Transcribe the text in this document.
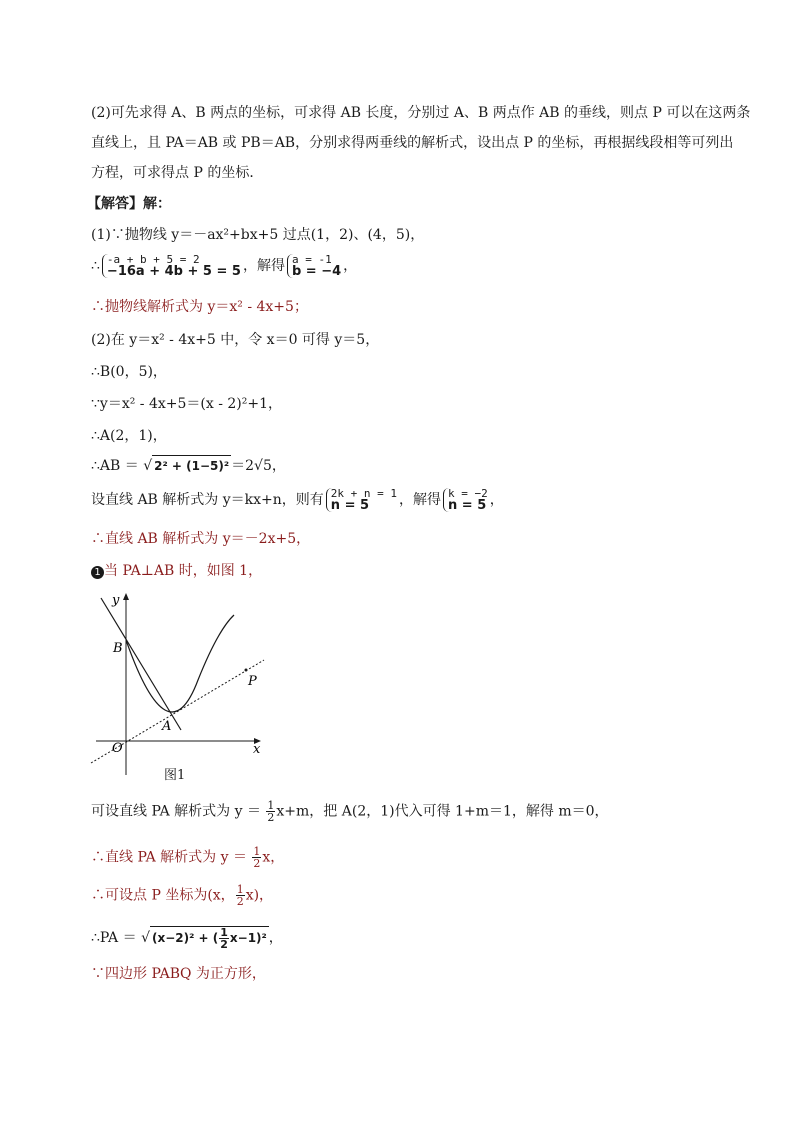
(2)可先求得 A、B 两点的坐标，可求得 AB 长度，分别过 A、B 两点作 AB 的垂线，则点 P 可以在这两条
直线上，且 PA＝AB 或 PB＝AB，分别求得两垂线的解析式，设出点 P 的坐标，再根据线段相等可列出
方程，可求得点 P 的坐标．
【解答】解：
(1)∵抛物线 y＝－ax²+bx+5 过点(1，2)、(4，5)，
∴ -a + b + 5 = 2
−16a + 4b + 5 = 5 ，解得 a = -1
b = −4 ，
∴抛物线解析式为 y＝x² - 4x+5；
(2)在 y＝x² - 4x+5 中，令 x＝0 可得 y＝5，
∴B(0，5)，
∵y＝x² - 4x+5＝(x - 2)²+1，
∴A(2，1)，
∴AB ＝ √ 2² + (1−5)² ＝2√5，
设直线 AB 解析式为 y＝kx+n，则有 2k + n = 1
n = 5	，解得 k = −2
n = 5 ，
∴直线 AB 解析式为 y＝－2x+5，
1 当 PA⊥AB 时，如图 1，
y
x
O
B
A
P
图1
可设直线 PA 解析式为 $y = \frac{1}{2} x+m$，把 A(2，1)代入可得 1+m＝1，解得 m＝0，
∴直线 PA 解析式为 $y = \frac{1}{2}$ x，
∴可设点 P 坐标为(x， $\frac{1}{2} x$)，
∴PA ＝ √ (x−2)² + ( $\frac{1}{2} x-1)^2$ ，
∵四边形 PABQ 为正方形，
